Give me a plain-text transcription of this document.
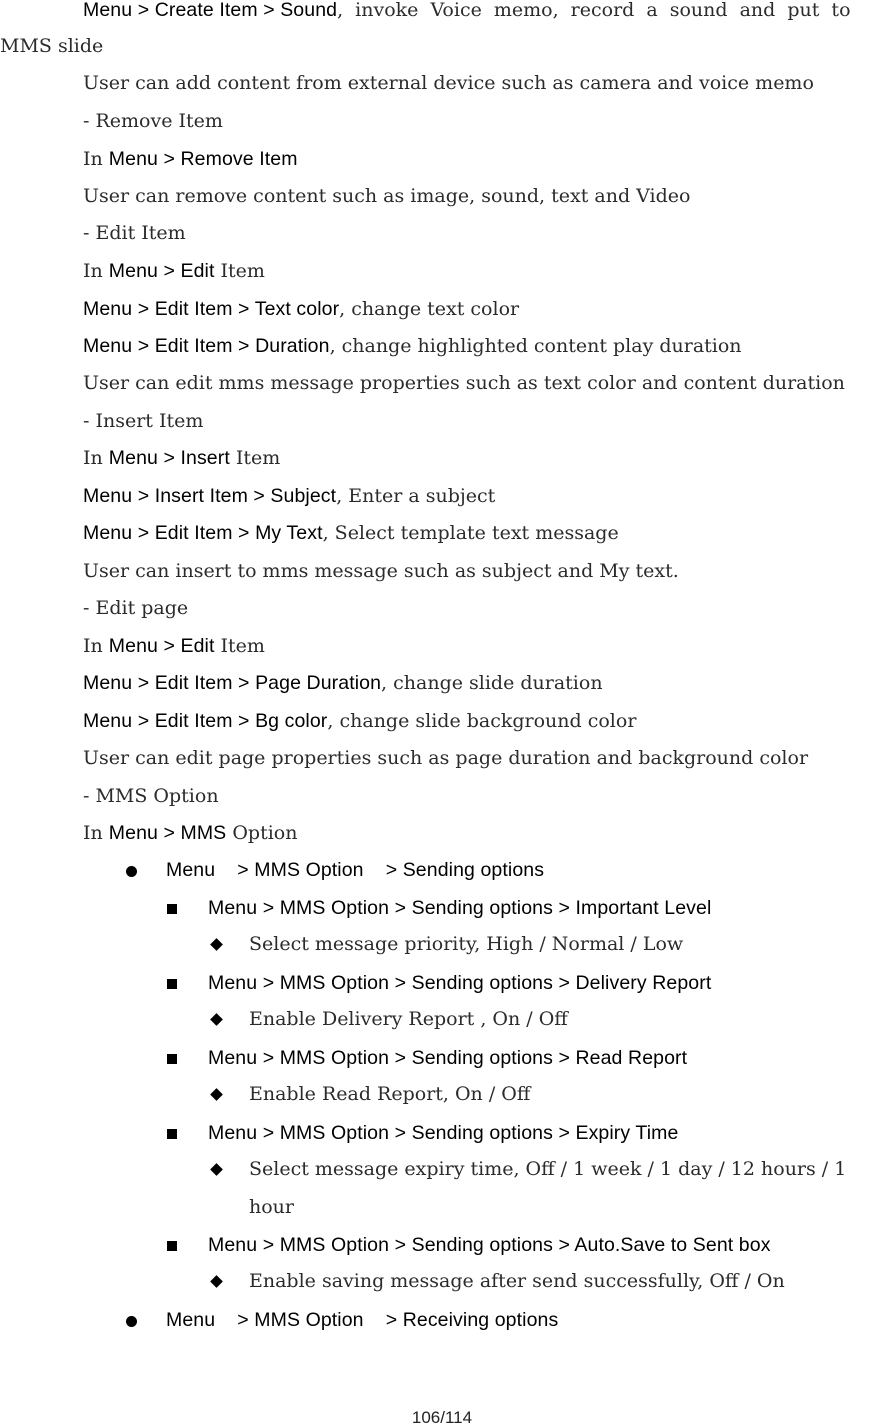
Menu > Create Item > Sound, invoke Voice memo, record a sound and put to
MMS slide
User can add content from external device such as camera and voice memo
- Remove Item
In Menu > Remove Item
User can remove content such as image, sound, text and Video
- Edit Item
In Menu > Edit Item
Menu > Edit Item > Text color, change text color
Menu > Edit Item > Duration, change highlighted content play duration
User can edit mms message properties such as text color and content duration
- Insert Item
In Menu > Insert Item
Menu > Insert Item > Subject, Enter a subject
Menu > Edit Item > My Text, Select template text message
User can insert to mms message such as subject and My text.
- Edit page
In Menu > Edit Item
Menu > Edit Item > Page Duration, change slide duration
Menu > Edit Item > Bg color, change slide background color
User can edit page properties such as page duration and background color
- MMS Option
In Menu > MMS Option
Menu    > MMS Option    > Sending options
Menu > MMS Option > Sending options > Important Level
Select message priority, High / Normal / Low
Menu > MMS Option > Sending options > Delivery Report
Enable Delivery Report , On / Off
Menu > MMS Option > Sending options > Read Report
Enable Read Report, On / Off
Menu > MMS Option > Sending options > Expiry Time
Select message expiry time, Off / 1 week / 1 day / 12 hours / 1
hour
Menu > MMS Option > Sending options > Auto.Save to Sent box
Enable saving message after send successfully, Off / On
Menu    > MMS Option    > Receiving options
106/114
